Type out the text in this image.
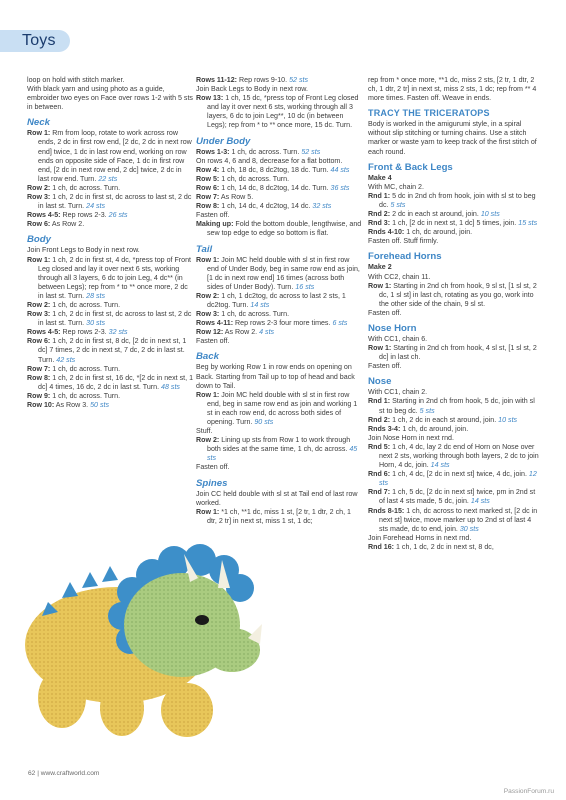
Toys
loop on hold with stitch marker.
With black yarn and using photo as a guide, embroider two eyes on Face over rows 1-2 with 5 sts in between.
Neck
Row 1: Rm from loop, rotate to work across row ends, 2 dc in first row end, [2 dc, 2 dc in next row end] twice, 1 dc in last row end, working on row ends on opposite side of Face, 1 dc in first row end, [2 dc in next row end, 2 dc] twice, 2 dc in last row end. Turn. 22 sts
Row 2: 1 ch, dc across. Turn.
Row 3: 1 ch, 2 dc in first st, dc across to last st, 2 dc in last st. Turn. 24 sts
Rows 4-5: Rep rows 2-3. 26 sts
Row 6: As Row 2.
Body
Join Front Legs to Body in next row.
Row 1: 1 ch, 2 dc in first st, 4 dc, *press top of Front Leg closed and lay it over next 6 sts, working through all 3 layers, 6 dc to join Leg, 4 dc** (in between Legs); rep from * to ** once more, 2 dc in last st. Turn. 28 sts
Row 2: 1 ch, dc across. Turn.
Row 3: 1 ch, 2 dc in first st, dc across to last st, 2 dc in last st. Turn. 30 sts
Rows 4-5: Rep rows 2-3. 32 sts
Row 6: 1 ch, 2 dc in first st, 8 dc, [2 dc in next st, 1 dc] 7 times, 2 dc in next st, 7 dc, 2 dc in last st. Turn. 42 sts
Row 7: 1 ch, dc across. Turn.
Row 8: 1 ch, 2 dc in first st, 16 dc, *[2 dc in next st, 1 dc] 4 times, 16 dc, 2 dc in last st. Turn. 48 sts
Row 9: 1 ch, dc across. Turn.
Row 10: As Row 3. 50 sts
Rows 11-12: Rep rows 9-10. 52 sts
Join Back Legs to Body in next row.
Row 13: 1 ch, 15 dc, *press top of Front Leg closed and lay it over next 6 sts, working through all 3 layers, 6 dc to join Leg**, 10 dc (in between Legs); rep from * to ** once more, 15 dc. Turn.
Under Body
Rows 1-3: 1 ch, dc across. Turn. 52 sts
On rows 4, 6 and 8, decrease for a flat bottom.
Row 4: 1 ch, 18 dc, 8 dc2tog, 18 dc. Turn. 44 sts
Row 5: 1 ch, dc across. Turn.
Row 6: 1 ch, 14 dc, 8 dc2tog, 14 dc. Turn. 36 sts
Row 7: As Row 5.
Row 8: 1 ch, 14 dc, 4 dc2tog, 14 dc. 32 sts
Fasten off.
Making up: Fold the bottom double, lengthwise, and sew top edge to edge so bottom is flat.
Tail
Row 1: Join MC held double with sl st in first row end of Under Body, beg in same row end as join, [1 dc in next row end] 16 times (across both sides of Under Body). Turn. 16 sts
Row 2: 1 ch, 1 dc2tog, dc across to last 2 sts, 1 dc2tog. Turn. 14 sts
Row 3: 1 ch, dc across. Turn.
Rows 4-11: Rep rows 2-3 four more times. 6 sts
Row 12: As Row 2. 4 sts
Fasten off.
Back
Beg by working Row 1 in row ends on opening on Back. Starting from Tail up to top of head and back down to Tail.
Row 1: Join MC held double with sl st in first row end, beg in same row end as join and working 1 st in each row end, dc across both sides of opening. Turn. 90 sts
Stuff.
Row 2: Lining up sts from Row 1 to work through both sides at the same time, 1 ch, dc across. 45 sts
Fasten off.
Spines
Join CC held double with sl st at Tail end of last row worked.
Row 1: *1 ch, **1 dc, miss 1 st, [2 tr, 1 dtr, 2 ch, 1 dtr, 2 tr] in next st, miss 1 st, 1 dc;
rep from * once more, **1 dc, miss 2 sts, [2 tr, 1 dtr, 2 ch, 1 dtr, 2 tr] in next st, miss 2 sts, 1 dc; rep from ** 4 more times. Fasten off. Weave in ends.
TRACY THE TRICERATOPS
Body is worked in the amigurumi style, in a spiral without slip stitching or turning chains. Use a stitch marker or waste yarn to keep track of the first stitch of each round.
Front & Back Legs
Make 4
With MC, chain 2.
Rnd 1: 5 dc in 2nd ch from hook, join with sl st to beg dc. 5 sts
Rnd 2: 2 dc in each st around, join. 10 sts
Rnd 3: 1 ch, [2 dc in next st, 1 dc] 5 times, join. 15 sts
Rnds 4-10: 1 ch, dc around, join.
Fasten off. Stuff firmly.
Forehead Horns
Make 2
With CC2, chain 11.
Row 1: Starting in 2nd ch from hook, 9 sl st, [1 sl st, 2 dc, 1 sl st] in last ch, rotating as you go, work into the other side of the chain, 9 sl st.
Fasten off.
Nose Horn
With CC1, chain 6.
Row 1: Starting in 2nd ch from hook, 4 sl st, [1 sl st, 2 dc] in last ch.
Fasten off.
Nose
With CC1, chain 2.
Rnd 1: Starting in 2nd ch from hook, 5 dc, join with sl st to beg dc. 5 sts
Rnd 2: 1 ch, 2 dc in each st around, join. 10 sts
Rnds 3-4: 1 ch, dc around, join.
Join Nose Horn in next rnd.
Rnd 5: 1 ch, 4 dc, lay 2 dc end of Horn on Nose over next 2 sts, working through both layers, 2 dc to join Horn, 4 dc, join. 14 sts
Rnd 6: 1 ch, 4 dc, [2 dc in next st] twice, 4 dc, join. 12 sts
Rnd 7: 1 ch, 5 dc, [2 dc in next st] twice, pm in 2nd st of last 4 sts made, 5 dc, join. 14 sts
Rnds 8-15: 1 ch, dc across to next marked st, [2 dc in next st] twice, move marker up to 2nd st of last 4 sts made, dc to end, join. 30 sts
Join Forehead Horns in next rnd.
Rnd 16: 1 ch, 1 dc, 2 dc in next st, 8 dc,
62 | www.craftworld.com
PassionForum.ru
